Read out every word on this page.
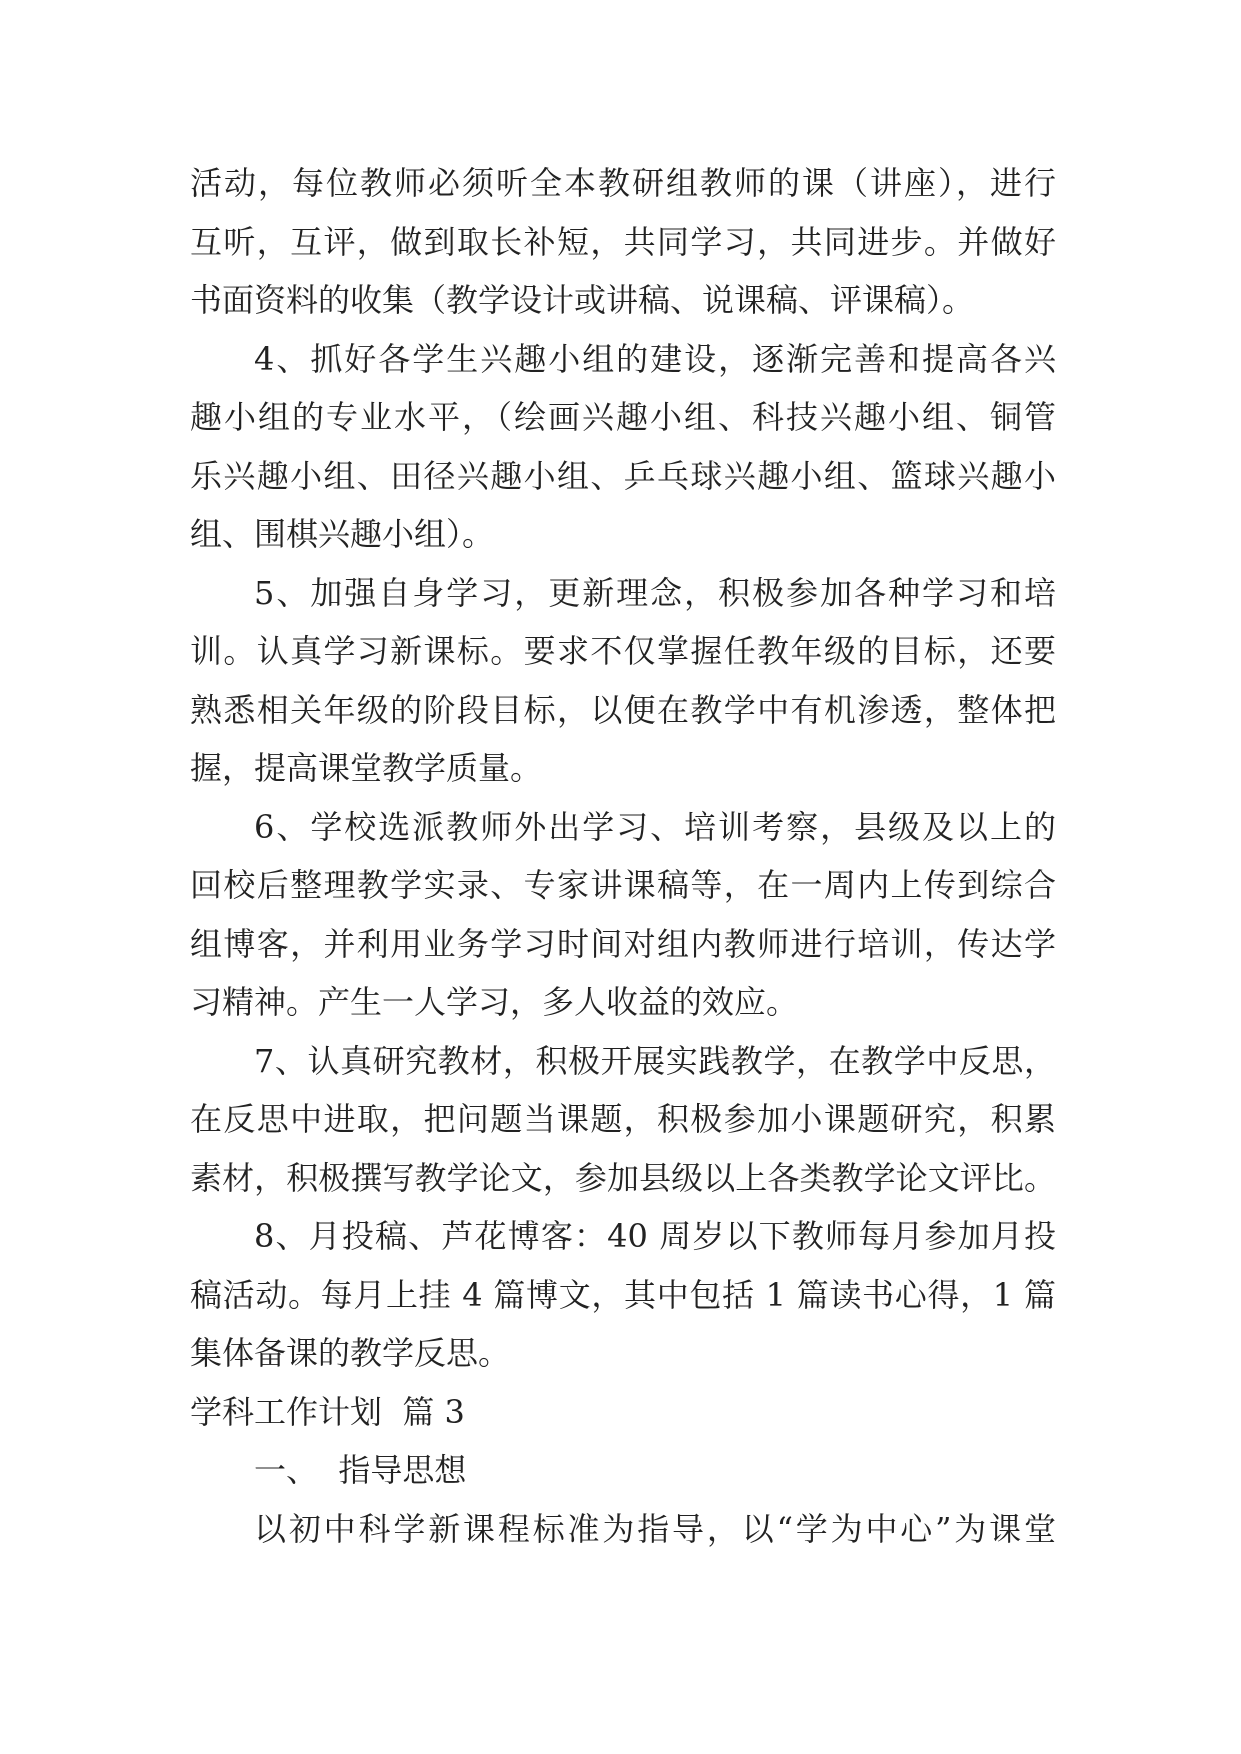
活动，每位教师必须听全本教研组教师的课（讲座），进行
互听，互评，做到取长补短，共同学习，共同进步。并做好
书面资料的收集（教学设计或讲稿、说课稿、评课稿）。
4、抓好各学生兴趣小组的建设，逐渐完善和提高各兴
趣小组的专业水平，（绘画兴趣小组、科技兴趣小组、铜管
乐兴趣小组、田径兴趣小组、乒乓球兴趣小组、篮球兴趣小
组、围棋兴趣小组）。
5、加强自身学习，更新理念，积极参加各种学习和培
训。认真学习新课标。要求不仅掌握任教年级的目标，还要
熟悉相关年级的阶段目标，以便在教学中有机渗透，整体把
握，提高课堂教学质量。
6、学校选派教师外出学习、培训考察，县级及以上的
回校后整理教学实录、专家讲课稿等，在一周内上传到综合
组博客，并利用业务学习时间对组内教师进行培训，传达学
习精神。产生一人学习，多人收益的效应。
7、认真研究教材，积极开展实践教学，在教学中反思，
在反思中进取，把问题当课题，积极参加小课题研究，积累
素材，积极撰写教学论文，参加县级以上各类教学论文评比。
8、月投稿、芦花博客：40 周岁以下教师每月参加月投
稿活动。每月上挂 4 篇博文，其中包括 1 篇读书心得，1 篇
集体备课的教学反思。
学科工作计划  篇 3
一、  指导思想
以初中科学新课程标准为指导，以“学为中心”为课堂
